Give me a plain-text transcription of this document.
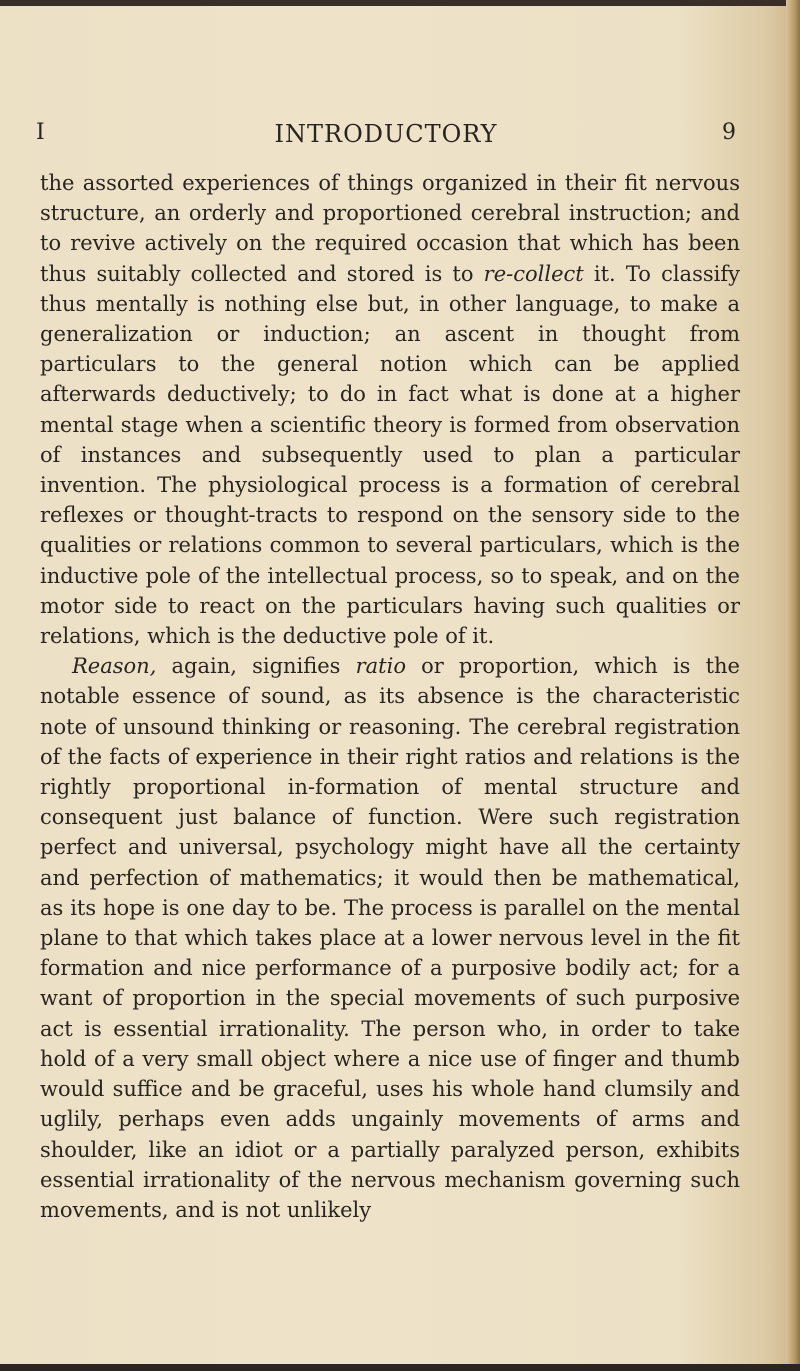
INTRODUCTORY
I	9

the assorted experiences of things organized in their fit nervous structure, an orderly and proportioned cerebral instruction; and to revive actively on the required occasion that which has been thus suitably collected and stored is to re-collect it. To classify thus mentally is nothing else but, in other language, to make a generalization or induction; an ascent in thought from particulars to the general notion which can be applied afterwards deductively; to do in fact what is done at a higher mental stage when a scientific theory is formed from observation of instances and subsequently used to plan a particular invention. The physiological process is a formation of cerebral reflexes or thought-tracts to respond on the sensory side to the qualities or relations common to several particulars, which is the inductive pole of the intellectual process, so to speak, and on the motor side to react on the particulars having such qualities or relations, which is the deductive pole of it.

Reason, again, signifies ratio or proportion, which is the notable essence of sound, as its absence is the characteristic note of unsound thinking or reasoning. The cerebral registration of the facts of experience in their right ratios and relations is the rightly proportional in-formation of mental structure and consequent just balance of function. Were such registration perfect and universal, psychology might have all the certainty and perfection of mathematics; it would then be mathematical, as its hope is one day to be. The process is parallel on the mental plane to that which takes place at a lower nervous level in the fit formation and nice performance of a purposive bodily act; for a want of proportion in the special movements of such purposive act is essential irrationality. The person who, in order to take hold of a very small object where a nice use of finger and thumb would suffice and be graceful, uses his whole hand clumsily and uglily, perhaps even adds ungainly movements of arms and shoulder, like an idiot or a partially paralyzed person, exhibits essential irrationality of the nervous mechanism governing such movements, and is not unlikely
